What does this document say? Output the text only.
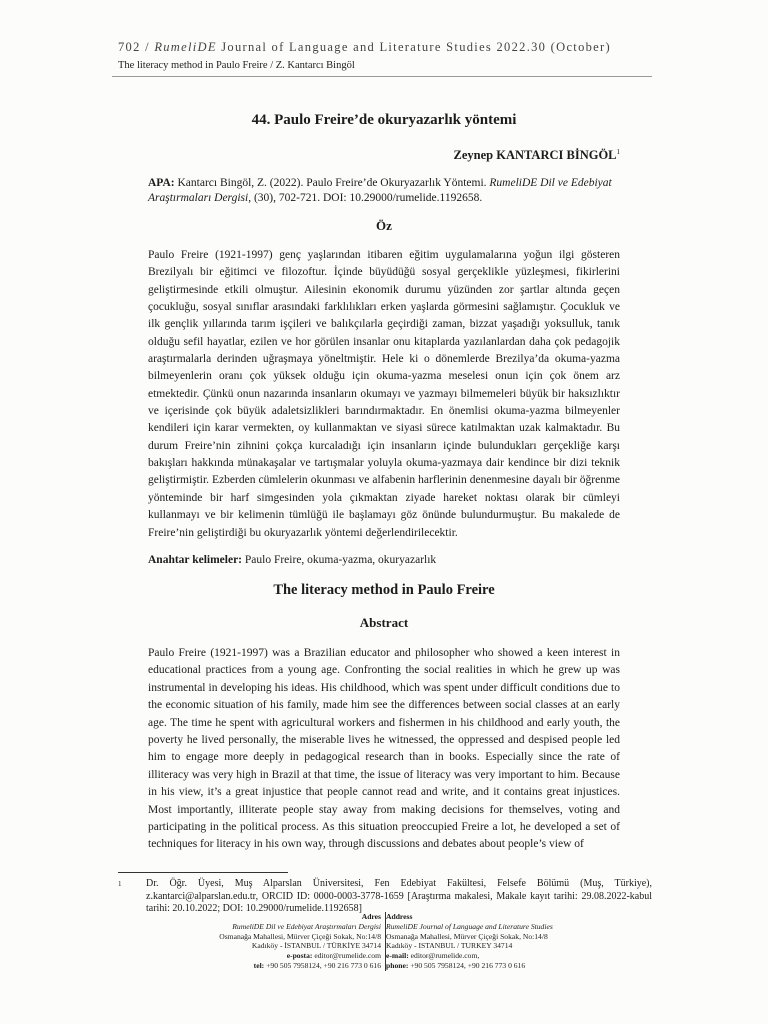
702 / RumeliDE Journal of Language and Literature Studies 2022.30 (October)
The literacy method in Paulo Freire / Z. Kantarcı Bingöl
44. Paulo Freire’de okuryazarlık yöntemi
Zeynep KANTARCI BİNGÖL$^1$
APA: Kantarcı Bingöl, Z. (2022). Paulo Freire’de Okuryazarlık Yöntemi. RumeliDE Dil ve Edebiyat Araştırmaları Dergisi, (30), 702-721. DOI: 10.29000/rumelide.1192658.
Öz
Paulo Freire (1921-1997) genç yaşlarından itibaren eğitim uygulamalarına yoğun ilgi gösteren Brezilyalı bir eğitimci ve filozoftur. İçinde büyüdüğü sosyal gerçeklikle yüzleşmesi, fikirlerini geliştirmesinde etkili olmuştur. Ailesinin ekonomik durumu yüzünden zor şartlar altında geçen çocukluğu, sosyal sınıflar arasındaki farklılıkları erken yaşlarda görmesini sağlamıştır. Çocukluk ve ilk gençlik yıllarında tarım işçileri ve balıkçılarla geçirdiği zaman, bizzat yaşadığı yoksulluk, tanık olduğu sefil hayatlar, ezilen ve hor görülen insanlar onu kitaplarda yazılanlardan daha çok pedagojik araştırmalarla derinden uğraşmaya yöneltmiştir. Hele ki o dönemlerde Brezilya’da okuma-yazma bilmeyenlerin oranı çok yüksek olduğu için okuma-yazma meselesi onun için çok önem arz etmektedir. Çünkü onun nazarında insanların okumayı ve yazmayı bilmemeleri büyük bir haksızlıktır ve içerisinde çok büyük adaletsizlikleri barındırmaktadır. En önemlisi okuma-yazma bilmeyenler kendileri için karar vermekten, oy kullanmaktan ve siyasi sürece katılmaktan uzak kalmaktadır. Bu durum Freire’nin zihnini çokça kurcaladığı için insanların içinde bulundukları gerçekliğe karşı bakışları hakkında münakaşalar ve tartışmalar yoluyla okuma-yazmaya dair kendince bir dizi teknik geliştirmiştir. Ezberden cümlelerin okunması ve alfabenin harflerinin denenmesine dayalı bir öğrenme yönteminde bir harf simgesinden yola çıkmaktan ziyade hareket noktası olarak bir cümleyi kullanmayı ve bir kelimenin tümlüğü ile başlamayı göz önünde bulundurmuştur. Bu makalede de Freire’nin geliştirdiği bu okuryazarlık yöntemi değerlendirilecektir.
Anahtar kelimeler: Paulo Freire, okuma-yazma, okuryazarlık
The literacy method in Paulo Freire
Abstract
Paulo Freire (1921-1997) was a Brazilian educator and philosopher who showed a keen interest in educational practices from a young age. Confronting the social realities in which he grew up was instrumental in developing his ideas. His childhood, which was spent under difficult conditions due to the economic situation of his family, made him see the differences between social classes at an early age. The time he spent with agricultural workers and fishermen in his childhood and early youth, the poverty he lived personally, the miserable lives he witnessed, the oppressed and despised people led him to engage more deeply in pedagogical research than in books. Especially since the rate of illiteracy was very high in Brazil at that time, the issue of literacy was very important to him. Because in his view, it’s a great injustice that people cannot read and write, and it contains great injustices. Most importantly, illiterate people stay away from making decisions for themselves, voting and participating in the political process. As this situation preoccupied Freire a lot, he developed a set of techniques for literacy in his own way, through discussions and debates about people’s view of
1 Dr. Öğr. Üyesi, Muş Alparslan Üniversitesi, Fen Edebiyat Fakültesi, Felsefe Bölümü (Muş, Türkiye), z.kantarci@alparslan.edu.tr, ORCID ID: 0000-0003-3778-1659 [Araştırma makalesi, Makale kayıt tarihi: 29.08.2022-kabul tarihi: 20.10.2022; DOI: 10.29000/rumelide.1192658]
Adres
RumeliDE Dil ve Edebiyat Araştırmaları Dergisi
Osmanağa Mahallesi, Mürver Çiçeği Sokak, No:14/8
Kadıköy - İSTANBUL / TÜRKİYE 34714
e-posta: editor@rumelide.com
tel: +90 505 7958124, +90 216 773 0 616
Address
RumeliDE Journal of Language and Literature Studies
Osmanağa Mahallesi, Mürver Çiçeği Sokak, No:14/8
Kadıköy - ISTANBUL / TURKEY 34714
e-mail: editor@rumelide.com,
phone: +90 505 7958124, +90 216 773 0 616
